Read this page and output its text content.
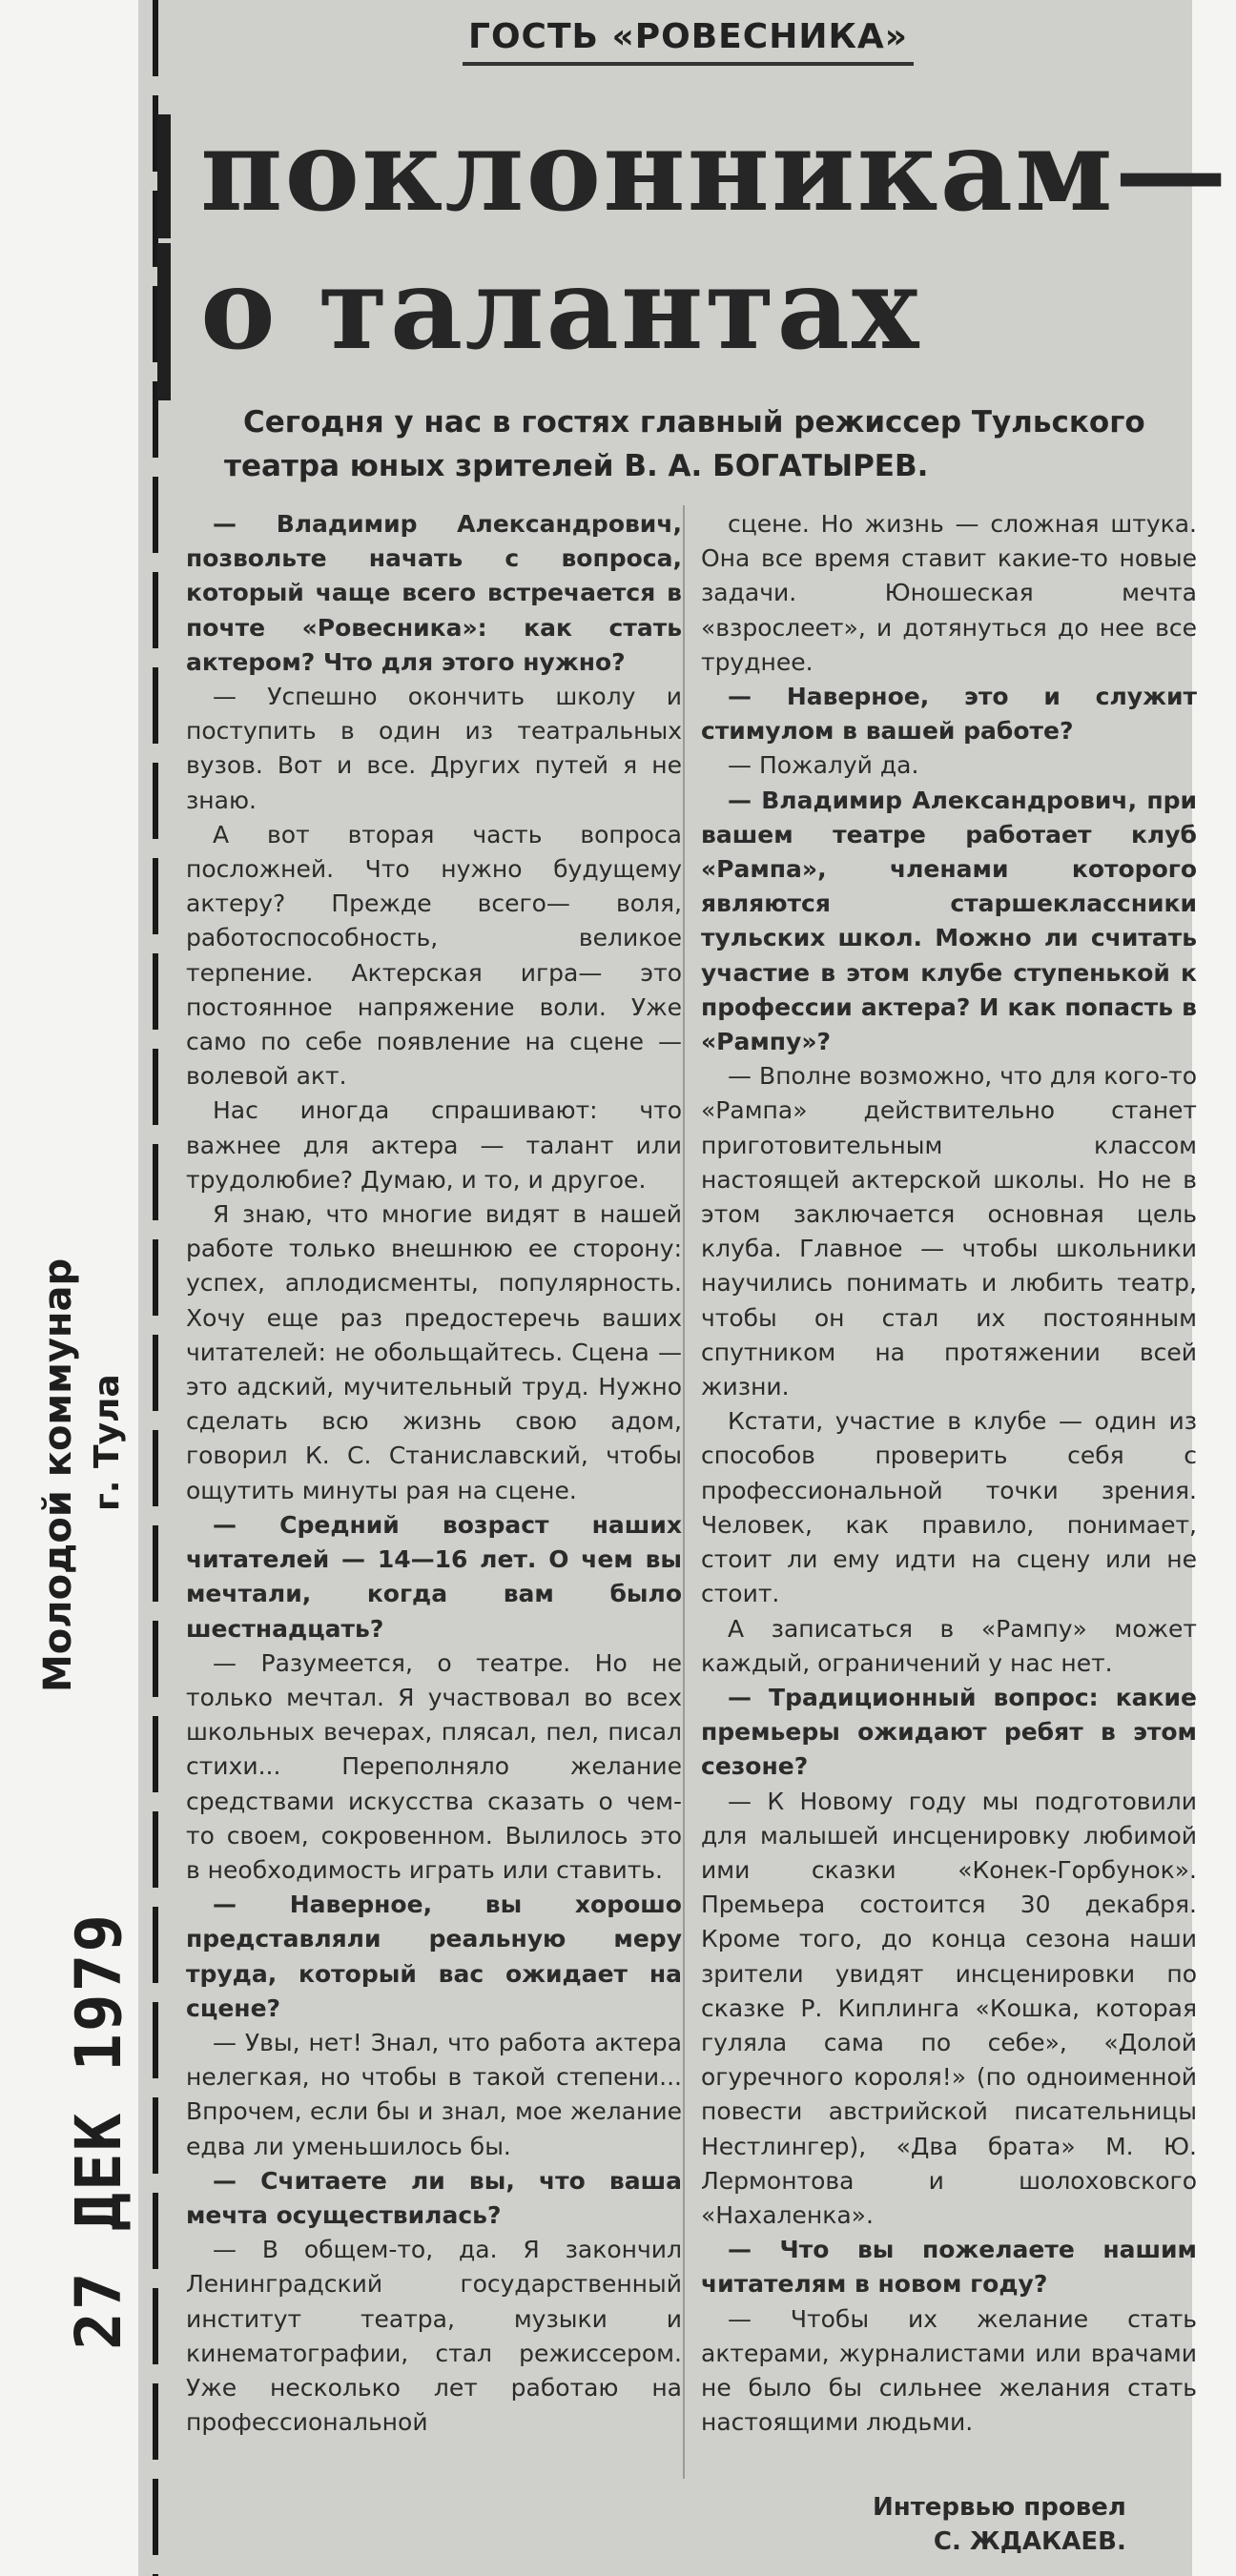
ГОСТЬ «РОВЕСНИКА»
поклонникам—
о талантах

Сегодня у нас в гостях главный режиссер Тульского театра юных зрителей В. А. БОГАТЫРЕВ.

— Владимир Александрович, позвольте начать с вопроса, который чаще всего встречается в почте «Ровесника»: как стать актером? Что для этого нужно?

— Успешно окончить школу и поступить в один из театральных вузов. Вот и все. Других путей я не знаю.

А вот вторая часть вопроса посложней. Что нужно будущему актеру? Прежде всего— воля, работоспособность, великое терпение. Актерская игра— это постоянное напряжение воли. Уже само по себе появление на сцене — волевой акт.

Нас иногда спрашивают: что важнее для актера — талант или трудолюбие? Думаю, и то, и другое.

Я знаю, что многие видят в нашей работе только внешнюю ее сторону: успех, аплодисменты, популярность. Хочу еще раз предостеречь ваших читателей: не обольщайтесь. Сцена — это адский, мучительный труд. Нужно сделать всю жизнь свою адом, говорил К. С. Станиславский, чтобы ощутить минуты рая на сцене.

— Средний возраст наших читателей — 14—16 лет. О чем вы мечтали, когда вам было шестнадцать?

— Разумеется, о театре. Но не только мечтал. Я участвовал во всех школьных вечерах, плясал, пел, писал стихи... Переполняло желание средствами искусства сказать о чем-то своем, сокровенном. Вылилось это в необходимость играть или ставить.

— Наверное, вы хорошо представляли реальную меру труда, который вас ожидает на сцене?

— Увы, нет! Знал, что работа актера нелегкая, но чтобы в такой степени... Впрочем, если бы и знал, мое желание едва ли уменьшилось бы.

— Считаете ли вы, что ваша мечта осуществилась?

— В общем-то, да. Я закончил Ленинградский государственный институт театра, музыки и кинематографии, стал режиссером. Уже несколько лет работаю на профессиональной

сцене. Но жизнь — сложная штука. Она все время ставит какие-то новые задачи. Юношеская мечта «взрослеет», и дотянуться до нее все труднее.

— Наверное, это и служит стимулом в вашей работе?

— Пожалуй да.

— Владимир Александрович, при вашем театре работает клуб «Рампа», членами которого являются старшеклассники тульских школ. Можно ли считать участие в этом клубе ступенькой к профессии актера? И как попасть в «Рампу»?

— Вполне возможно, что для кого-то «Рампа» действительно станет приготовительным классом настоящей актерской школы. Но не в этом заключается основная цель клуба. Главное — чтобы школьники научились понимать и любить театр, чтобы он стал их постоянным спутником на протяжении всей жизни.

Кстати, участие в клубе — один из способов проверить себя с профессиональной точки зрения. Человек, как правило, понимает, стоит ли ему идти на сцену или не стоит.

А записаться в «Рампу» может каждый, ограничений у нас нет.

— Традиционный вопрос: какие премьеры ожидают ребят в этом сезоне?

— К Новому году мы подготовили для малышей инсценировку любимой ими сказки «Конек-Горбунок». Премьера состоится 30 декабря. Кроме того, до конца сезона наши зрители увидят инсценировки по сказке Р. Киплинга «Кошка, которая гуляла сама по себе», «Долой огуречного короля!» (по одноименной повести австрийской писательницы Нестлингер), «Два брата» М. Ю. Лермонтова и шолоховского «Нахаленка».

— Что вы пожелаете нашим читателям в новом году?

— Чтобы их желание стать актерами, журналистами или врачами не было бы сильнее желания стать настоящими людьми.

Интервью провел
С. ЖДАКАЕВ.
Молодой коммунар г. Тула
27 ДЕК 1979
